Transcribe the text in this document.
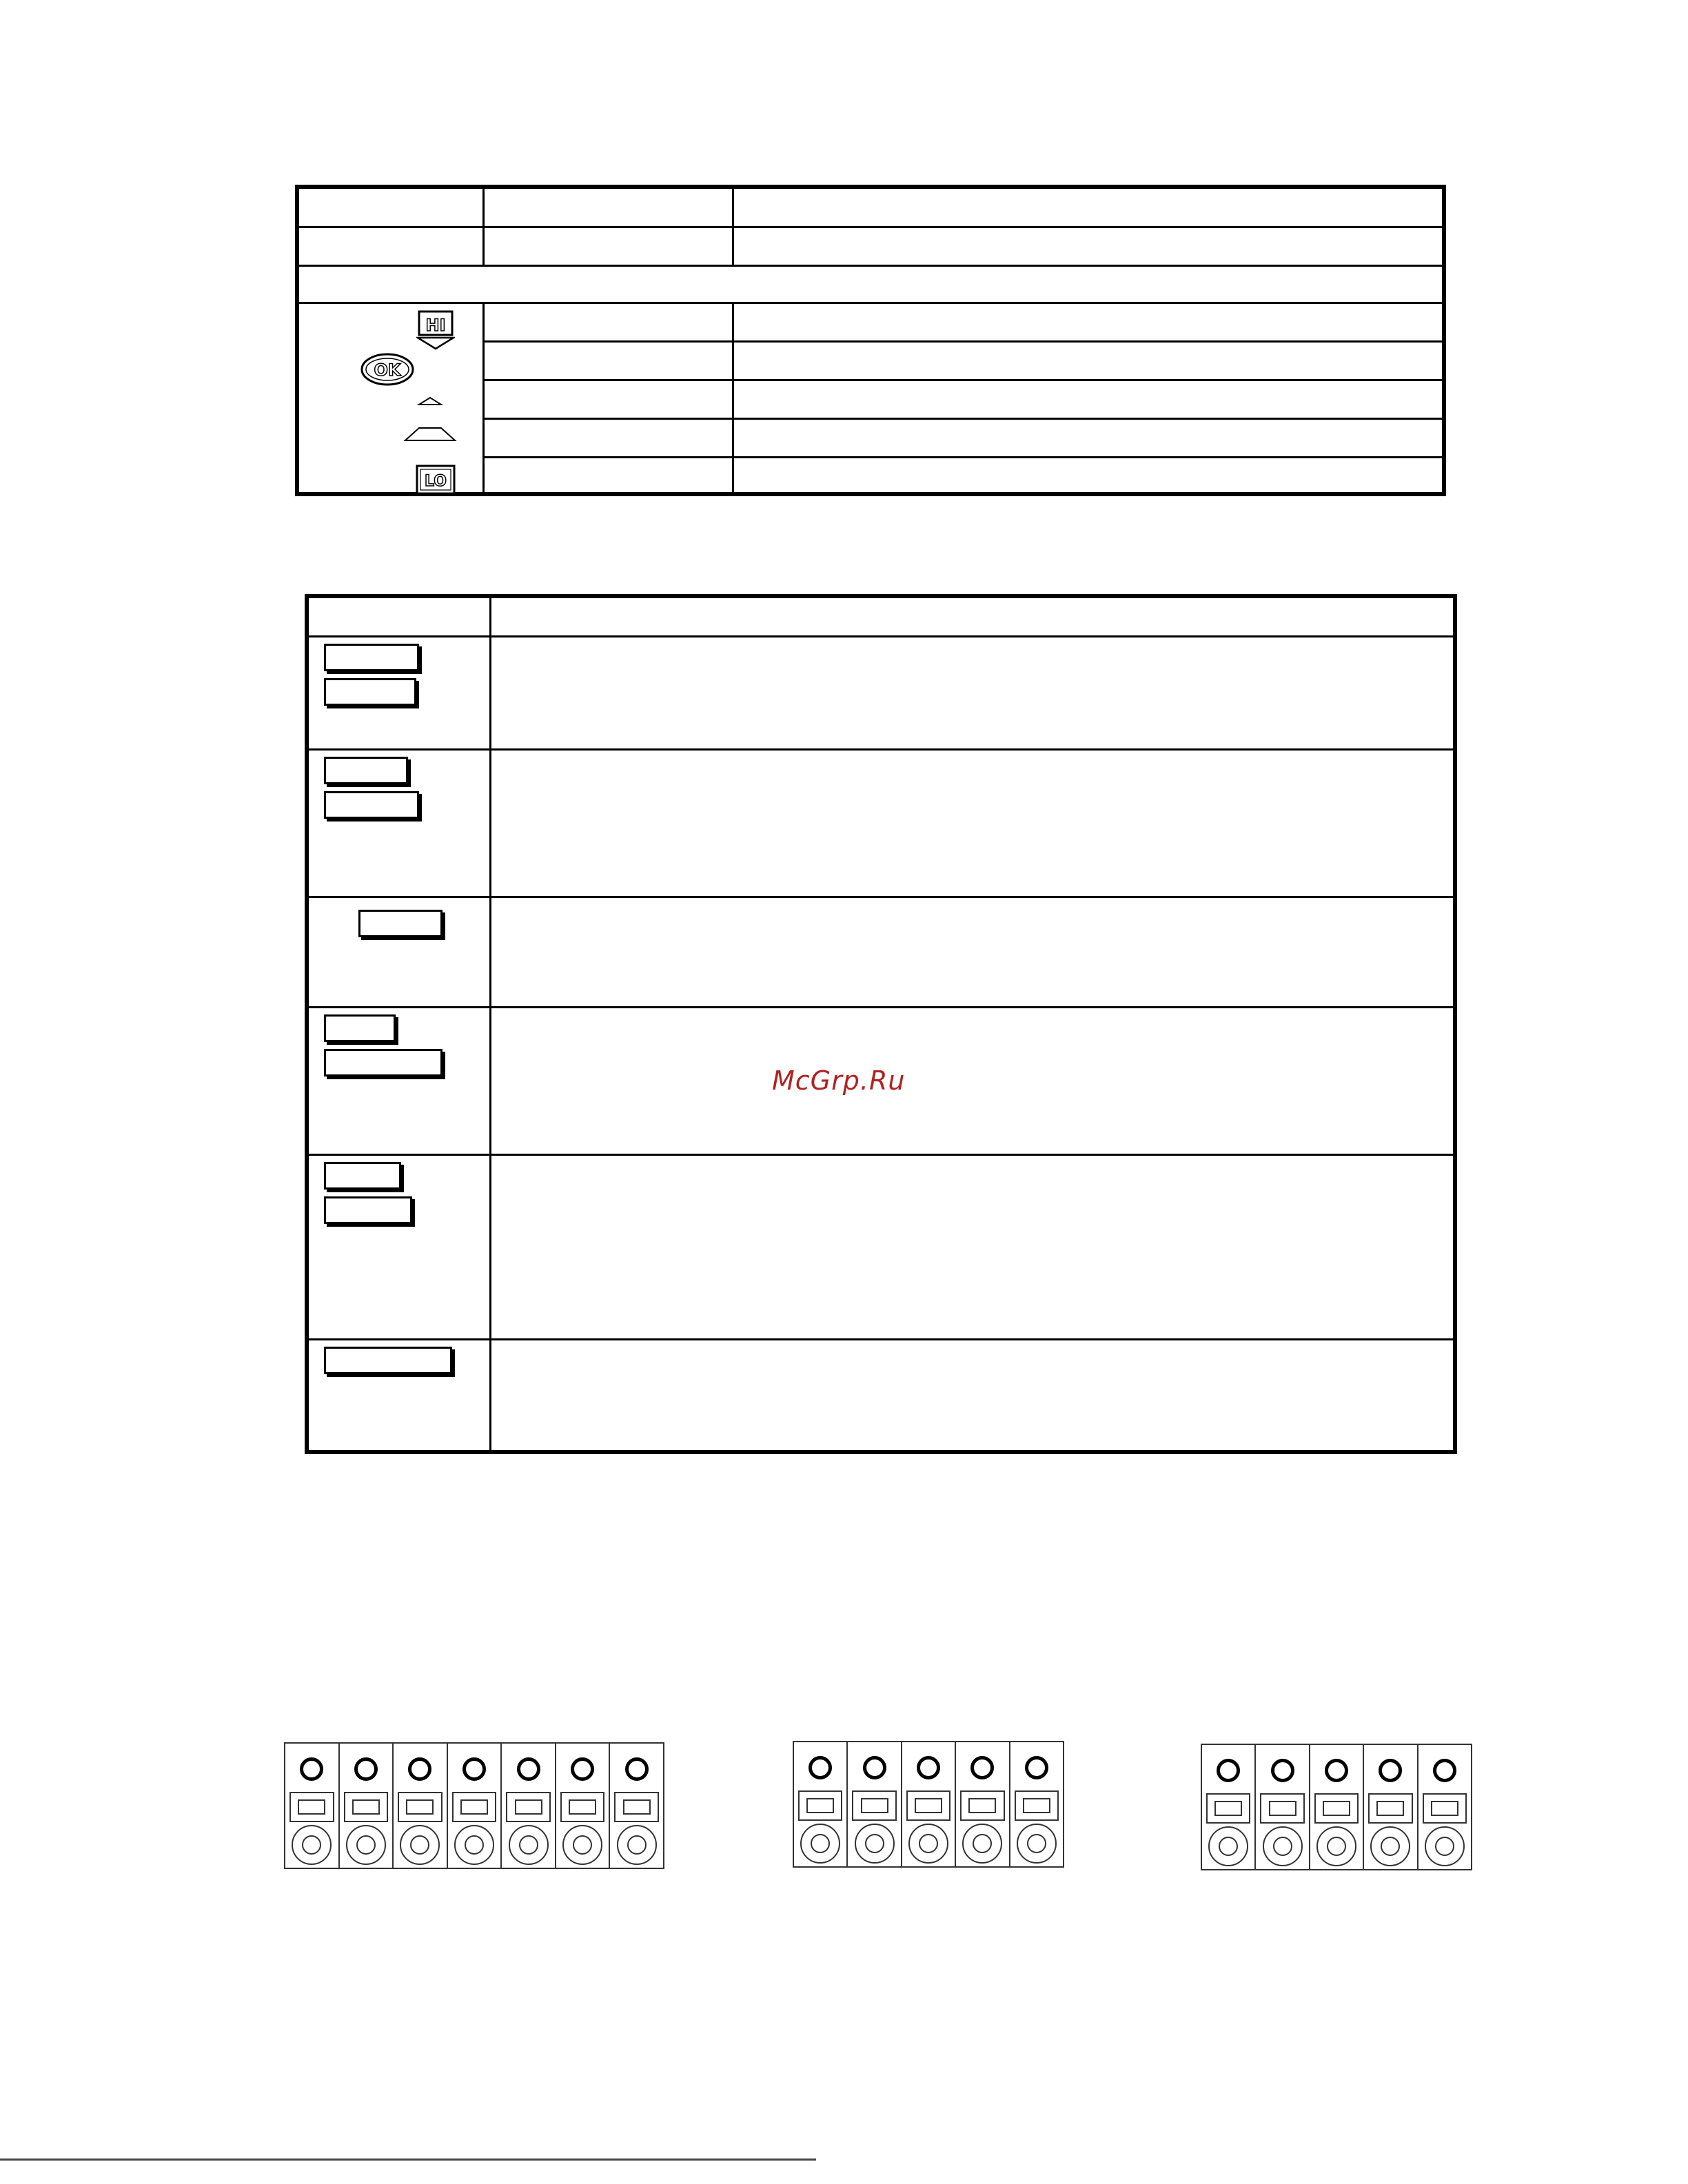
HI
OK
LO
McGrp.Ru
